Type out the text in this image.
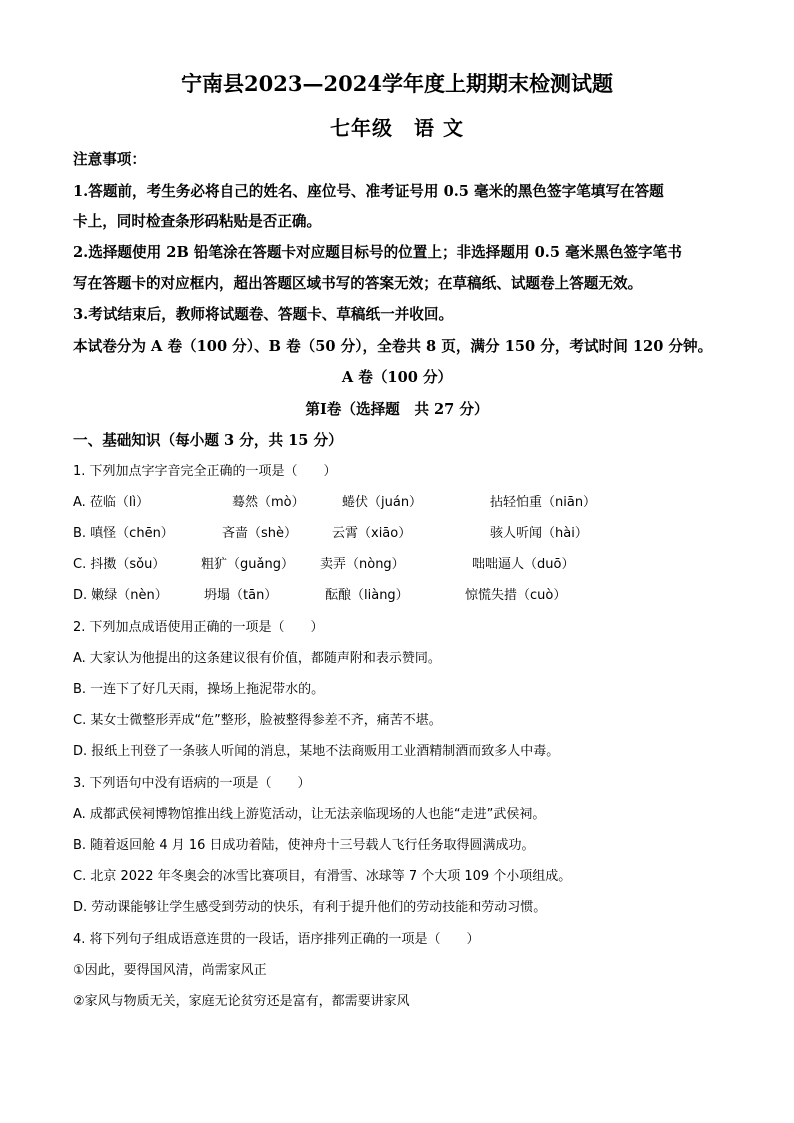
宁南县2023—2024学年度上期期末检测试题
七年级　语 文
注意事项：
1.答题前，考生务必将自己的姓名、座位号、准考证号用 0.5 毫米的黑色签字笔填写在答题
卡上，同时检查条形码粘贴是否正确。
2.选择题使用 2B 铅笔涂在答题卡对应题目标号的位置上；非选择题用 0.5 毫米黑色签字笔书
写在答题卡的对应框内，超出答题区域书写的答案无效；在草稿纸、试题卷上答题无效。
3.考试结束后，教师将试题卷、答题卡、草稿纸一并收回。
本试卷分为 A 卷（100 分）、B 卷（50 分），全卷共 8 页，满分 150 分，考试时间 120 分钟。
A 卷（100 分）
第Ⅰ卷（选择题　共 27 分）
一、基础知识（每小题 3 分，共 15 分）
1. 下列加点字字音完全正确的一项是（　　）
A. 莅临（lì）	蓦然（mò）	蜷伏（juán）	拈轻怕重（niān）
B. 嗔怪（chēn）	吝啬（shè）	云霄（xiāo）	骇人听闻（hài）
C. 抖擞（sǒu）	粗犷（guǎng） 卖弄（nòng）	咄咄逼人（duō）
D. 嫩绿（nèn）	坍塌（tān）	酝酿（liàng）	惊慌失措（cuò）
2. 下列加点成语使用正确的一项是（　　）
A. 大家认为他提出的这条建议很有价值，都随声附和表示赞同。
B. 一连下了好几天雨，操场上拖泥带水的。
C. 某女士微整形弄成“危”整形，脸被整得参差不齐，痛苦不堪。
D. 报纸上刊登了一条骇人听闻的消息，某地不法商贩用工业酒精制酒而致多人中毒。
3. 下列语句中没有语病的一项是（　　）
A. 成都武侯祠博物馆推出线上游览活动，让无法亲临现场的人也能“走进”武侯祠。
B. 随着返回舱 4 月 16 日成功着陆，使神舟十三号载人飞行任务取得圆满成功。
C. 北京 2022 年冬奥会的冰雪比赛项目，有滑雪、冰球等 7 个大项 109 个小项组成。
D. 劳动课能够让学生感受到劳动的快乐，有利于提升他们的劳动技能和劳动习惯。
4. 将下列句子组成语意连贯的一段话，语序排列正确的一项是（　　）
①因此，要得国风清，尚需家风正
②家风与物质无关，家庭无论贫穷还是富有，都需要讲家风
